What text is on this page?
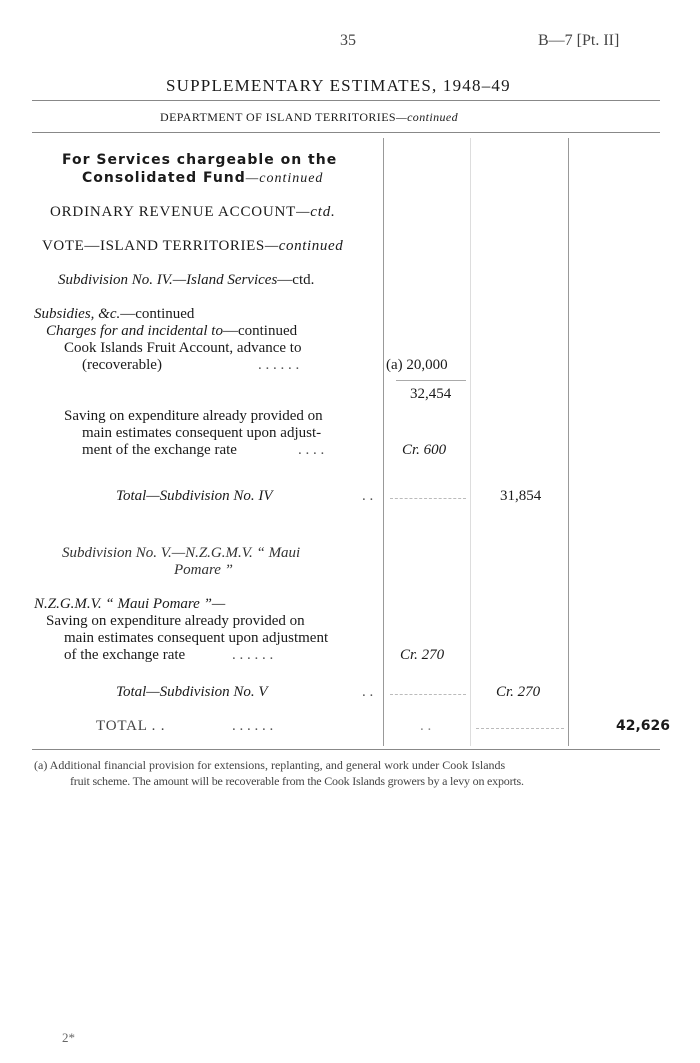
35	B—7 [Pt. II]
SUPPLEMENTARY ESTIMATES, 1948–49
DEPARTMENT OF ISLAND TERRITORIES—continued
For Services chargeable on the
Consolidated Fund—continued
ORDINARY REVENUE ACCOUNT—ctd.
VOTE—ISLAND TERRITORIES—continued
Subdivision No. IV.—Island Services—ctd.
Subsidies, &c.—continued
Charges for and incidental to—continued
Cook Islands Fruit Account, advance to
(recoverable)	. . . . . .	(a) 20,000
32,454
Saving on expenditure already provided on
main estimates consequent upon adjust-
ment of the exchange rate	. . . .	Cr. 600
Total—Subdivision No. IV	. .	31,854
Subdivision No. V.—N.Z.G.M.V. “ Maui
Pomare ”
N.Z.G.M.V. “ Maui Pomare ”—
Saving on expenditure already provided on
main estimates consequent upon adjustment
of the exchange rate	. . . . . .	Cr. 270
Total—Subdivision No. V	. .	Cr. 270
TOTAL . .	. . . . . .	. .	42,626
(a) Additional financial provision for extensions, replanting, and general work under Cook Islands
fruit scheme. The amount will be recoverable from the Cook Islands growers by a levy on exports.
2*
